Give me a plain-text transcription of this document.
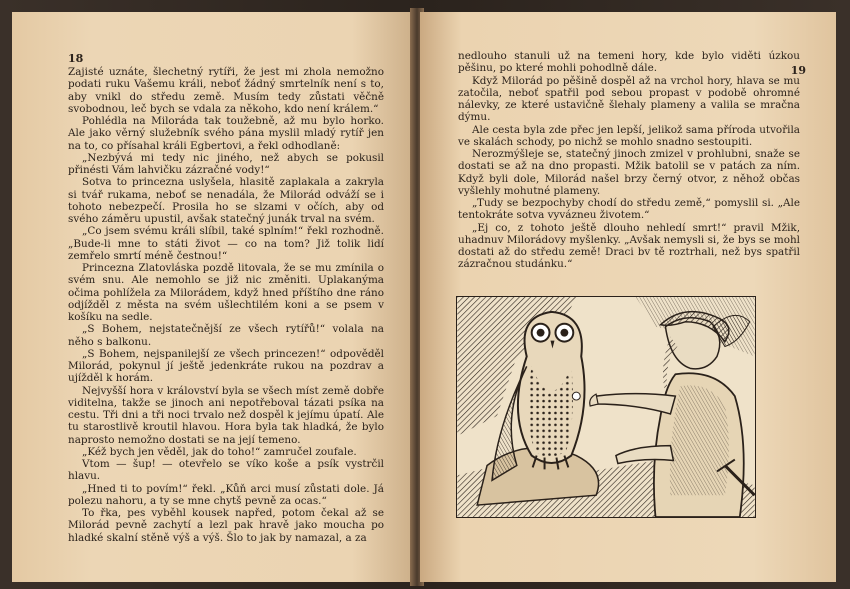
18

Zajisté uznáte, šlechetný rytíři, že jest mi zhola nemožno podati ruku Vašemu králi, neboť žádný smrtelník není s to, aby vnikl do středu země. Musím tedy zůstati věčně svobodnou, leč bych se vdala za někoho, kdo není králem.“

Pohlédla na Miloráda tak toužebně, až mu bylo horko. Ale jako věrný služebník svého pána myslil mladý rytíř jen na to, co přísahal králi Egbertovi, a řekl odhodlaně:

„Nezbývá mi tedy nic jiného, než abych se pokusil přinésti Vám lahvičku zázračné vody!“

Sotva to princezna uslyšela, hlasitě zaplakala a zakryla si tvář rukama, neboť se nenadála, že Milorád odváží se i tohoto nebezpečí. Prosila ho se slzami v očích, aby od svého záměru upustil, avšak statečný junák trval na svém.

„Co jsem svému králi slíbil, také splním!“ řekl rozhodně. „Bude-li mne to státi život — co na tom? Již tolik lidí zemřelo smrtí méně čestnou!“

Princezna Zlatovláska pozdě litovala, že se mu zmínila o svém snu. Ale nemohlo se již nic změniti. Uplakanýma očima pohlížela za Milorádem, když hned příštího dne ráno odjížděl z města na svém ušlechtilém koni a se psem v košíku na sedle.

„S Bohem, nejstatečnější ze všech rytířů!“ volala na něho s balkonu.

„S Bohem, nejspanilejší ze všech princezen!“ odpověděl Milorád, pokynul jí ještě jedenkráte rukou na pozdrav a ujížděl k horám.

Nejvyšší hora v království byla se všech míst země dobře viditelna, takže se jinoch ani nepotřeboval tázati psíka na cestu. Tři dni a tři noci trvalo než dospěl k jejímu úpatí. Ale tu starostlivě kroutil hlavou. Hora byla tak hladká, že bylo naprosto nemožno dostati se na její temeno.

„Kéž bych jen věděl, jak do toho!“ zamručel zoufale.

Vtom — šup! — otevřelo se víko koše a psík vystrčil hlavu.

„Hned ti to povím!“ řekl. „Kůň arci musí zůstati dole. Já polezu nahoru, a ty se mne chytš pevně za ocas.“

To řka, pes vyběhl kousek napřed, potom čekal až se Milorád pevně zachytí a lezl pak hravě jako moucha po hladké skalní stěně výš a výš. Šlo to jak by namazal, a za

19

nedlouho stanuli už na temeni hory, kde bylo viděti úzkou pěšinu, po které mohli pohodlně dále.

Když Milorád po pěšině dospěl až na vrchol hory, hlava se mu zatočila, neboť spatřil pod sebou propast v podobě ohromné nálevky, ze které ustavičně šlehaly plameny a valila se mračna dýmu.

Ale cesta byla zde přec jen lepší, jelikož sama příroda utvořila ve skalách schody, po nichž se mohlo snadno sestoupiti.

Nerozmýšleje se, statečný jinoch zmizel v prohlubni, snaže se dostati se až na dno propasti. Mžik batolil se v patách za ním. Když byli dole, Milorád našel brzy černý otvor, z něhož občas vyšlehly mohutné plameny.

„Tudy se bezpochyby chodí do středu země,“ pomyslil si. „Ale tentokráte sotva vyvázneu životem.“

„Ej co, z tohoto ještě dlouho nehledí smrt!“ pravil Mžik, uhadnuv Milorádovy myšlenky. „Avšak nemysli si, že bys se mohl dostati až do středu země! Draci bv tě roztrhali, než bys spatřil zázračnou studánku.“
